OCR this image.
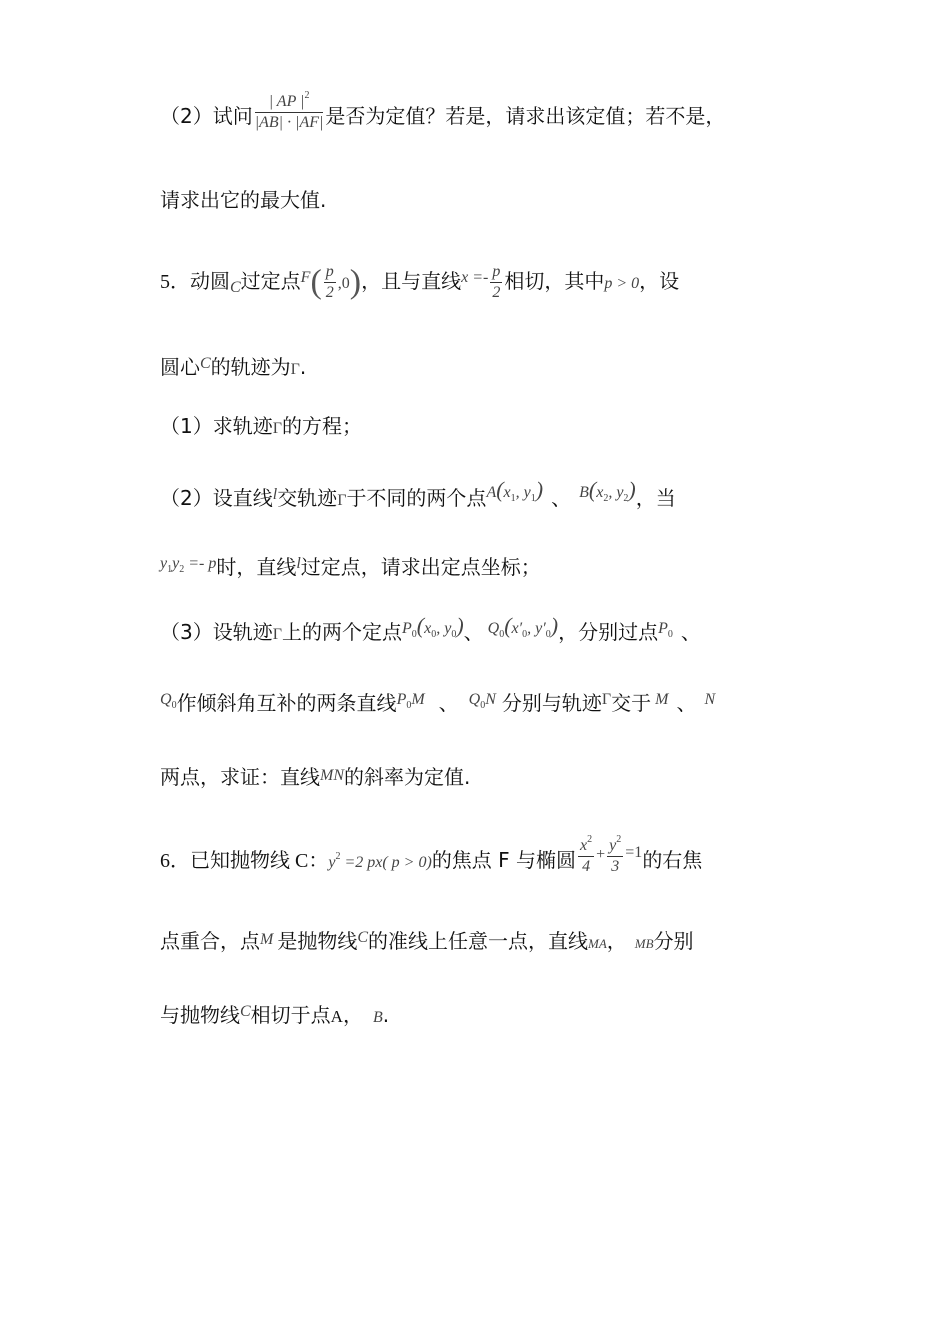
（2）试问 $\frac{| AP |^2}{|AB| \cdot |AF|}$ 是否为定值？若是，请求出该定值；若不是，
请求出它的最大值.
5．动圆$_C$过定点$^F( \frac{p}{2} ,0)$，且与直线$^{x =-} \frac{p}{2}$ 相切，其中p > 0，设
圆心$^C$的轨迹为Γ.
（1）求轨迹Γ的方程；
（2）设直线$^l$交轨迹Γ于不同的两个点$^{A(x_1, y_1)}$ 、 $^{B(x_2, y_2)}$，当
$^{y_1y_2 =- p}$时，直线$^l$过定点，请求出定点坐标；
（3）设轨迹Γ上的两个定点$^{P_0(x_0, y_0)}$、 $^{Q_0(x'_0, y'_0)}$，分别过点$^{P_0}$ 、
$^{Q_0}$作倾斜角互补的两条直线$^{P_0M}$ 、 $^{Q_0N}$ 分别与轨迹$^\Gamma$交于 $^M$ 、 $^N$
两点，求证：直线$^{MN}$的斜率为定值.
6．已知抛物线 C：$y^2 =2$ px( p > 0)的焦点 F 与椭圆 $\frac{x^2}{4} ^+ \frac{y^2}{3} ^{=1}$的右焦
点重合，点$^M$ 是抛物线$^C$的准线上任意一点，直线MA， MB分别
与抛物线$^C$相切于点A， B.
